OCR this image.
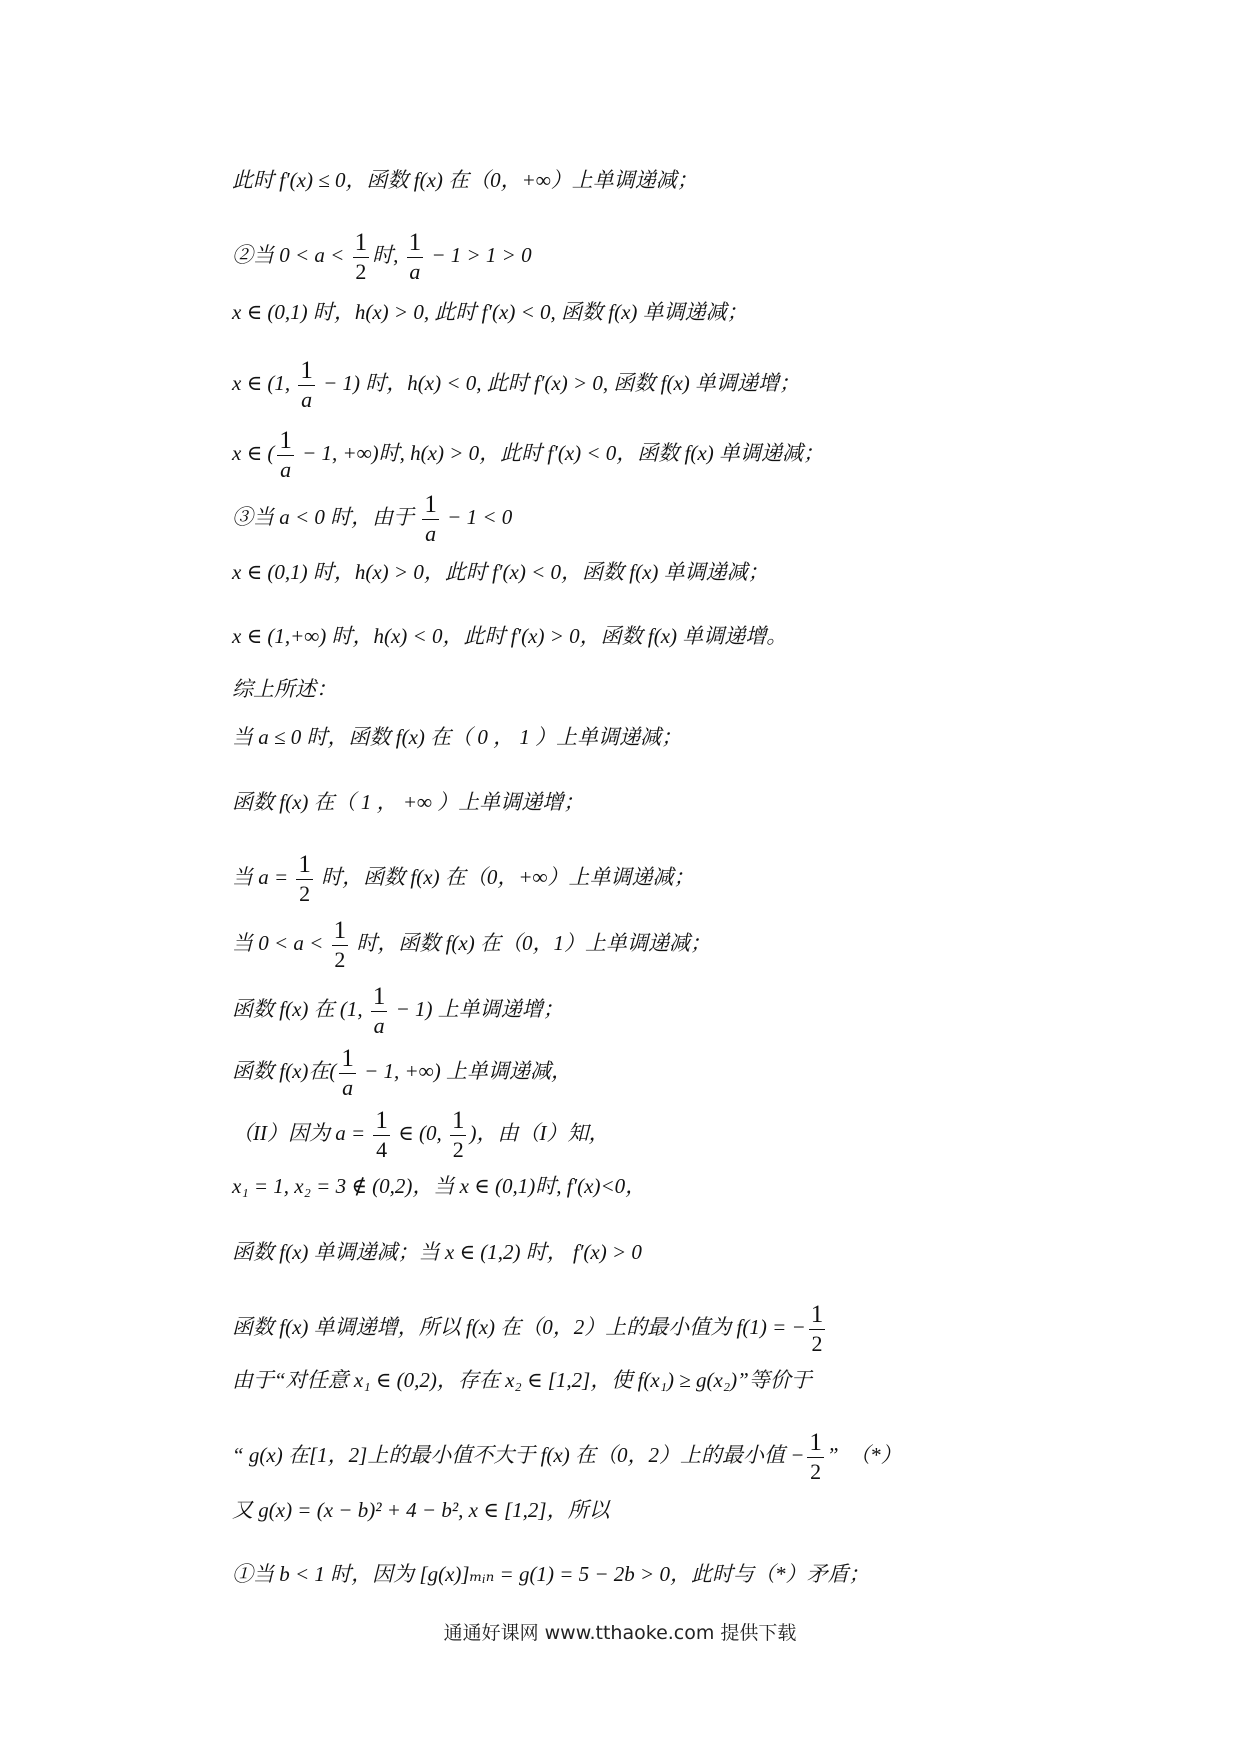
此时 f′(x) ≤ 0，函数 f(x) 在（0，+∞）上单调递减；
②当 $0 < a < \frac{1}{2}$ 时, $\frac{1}{a} - 1 > 1 > 0$
x ∈ (0,1) 时，h(x) > 0, 此时 f′(x) < 0, 函数 f(x) 单调递减；
x ∈ (1, $\frac{1}{a} - 1$) 时，h(x) < 0, 此时 f′(x) > 0, 函数 f(x) 单调递增；
x ∈ ( $\frac{1}{a} - 1$, +∞)时, h(x) > 0，此时 f′(x) < 0，函数 f(x) 单调递减；
③当 a < 0 时，由于 $\frac{1}{a} - 1 < 0$
x ∈ (0,1) 时，h(x) > 0，此时 f′(x) < 0，函数 f(x) 单调递减；
x ∈ (1,+∞) 时，h(x) < 0，此时 f′(x) > 0，函数 f(x) 单调递增。
综上所述：
当 a ≤ 0 时，函数 f(x) 在（ 0 ， 1 ）上单调递减；
函数 f(x) 在（ 1 ， +∞ ）上单调递增；
当 $a = \frac{1}{2}$ 时，函数 f(x) 在（0，+∞）上单调递减；
当 $0 < a < \frac{1}{2}$ 时，函数 f(x) 在（0，1）上单调递减；
函数 f(x) 在 (1, $\frac{1}{a} - 1$) 上单调递增；
函数 f(x)在( $\frac{1}{a} - 1$, +∞) 上单调递减，
（II）因为 $a = \frac{1}{4}$ ∈ (0, $\frac{1}{2}$ )，由（I）知，
x₁ = 1, x₂ = 3 ∉ (0,2)，当 x ∈ (0,1)时, f′(x)<0，
函数 f(x) 单调递减；当 x ∈ (1,2) 时， f′(x) > 0
函数 f(x) 单调递增，所以 f(x) 在（0，2）上的最小值为 f(1) = − $\frac{1}{2}$
由于“对任意 x₁ ∈ (0,2)，存在 x₂ ∈ [1,2]，使 f(x₁) ≥ g(x₂)”等价于
“ g(x) 在[1，2]上的最小值不大于 f(x) 在（0，2）上的最小值 − $\frac{1}{2}$ ”　（*）
又 g(x) = (x − b)² + 4 − b², x ∈ [1,2]，所以
①当 b < 1 时，因为 [g(x)]ₘᵢₙ = g(1) = 5 − 2b > 0，此时与（*）矛盾；
通通好课网 www.tthaoke.com 提供下载
